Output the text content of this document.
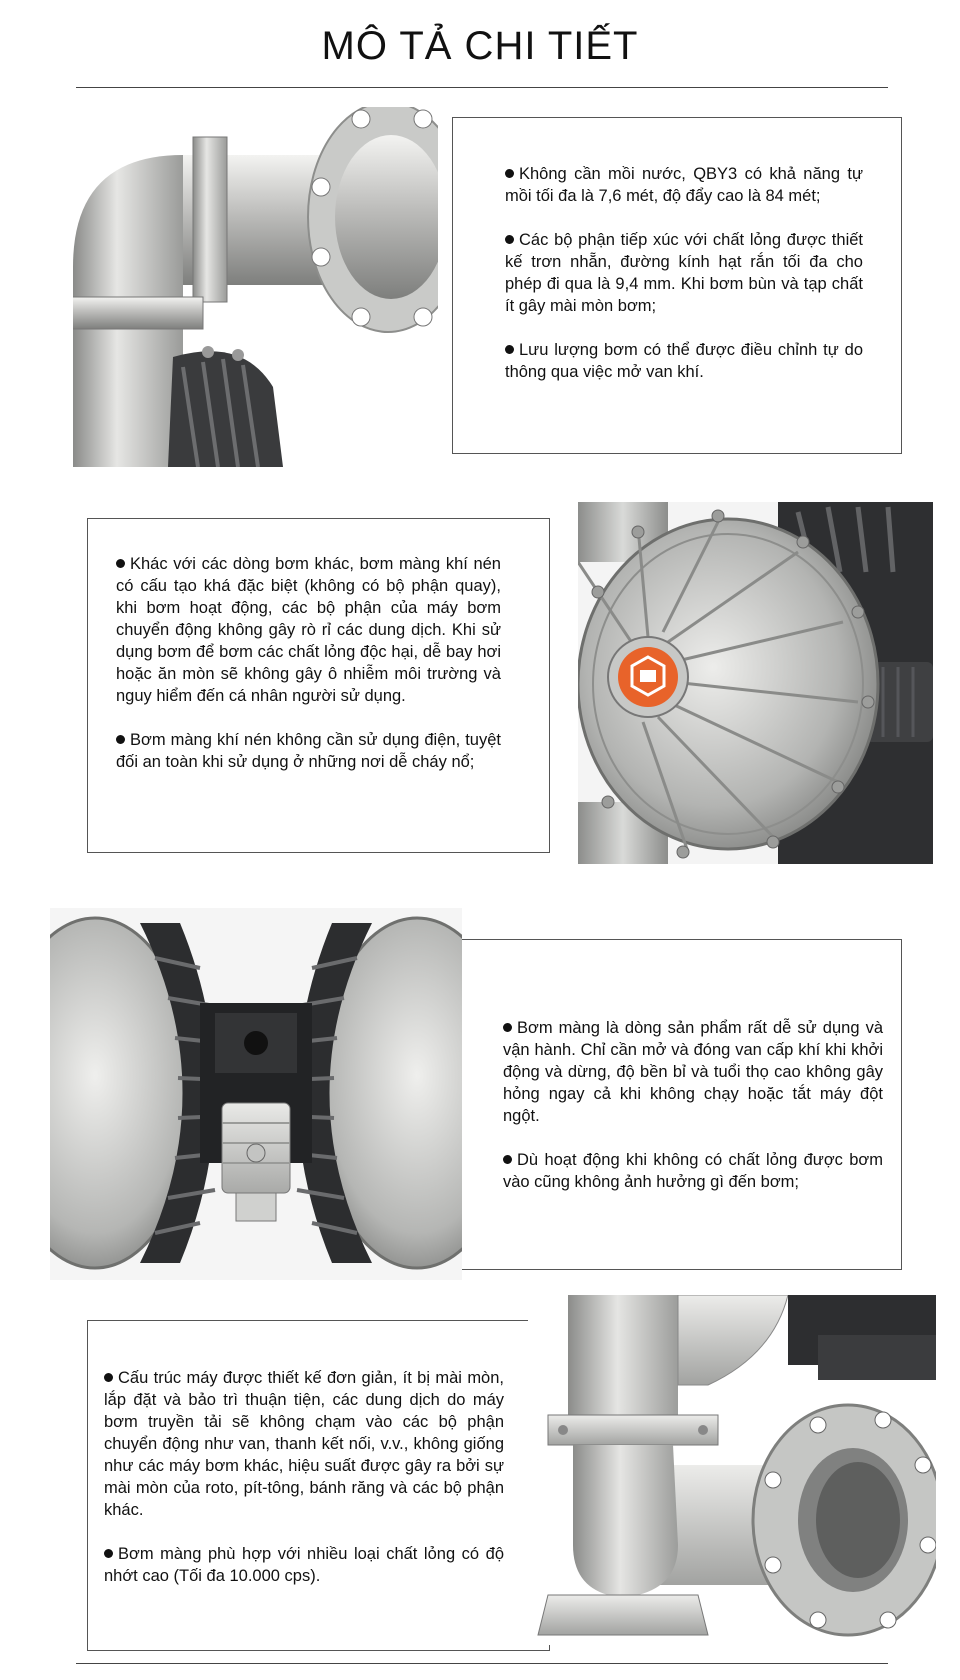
MÔ TẢ CHI TIẾT

Không cần mồi nước, QBY3 có khả năng tự mồi tối đa là 7,6 mét, độ đẩy cao là 84 mét;

Các bộ phận tiếp xúc với chất lỏng được thiết kế trơn nhẵn, đường kính hạt rắn tối đa cho phép đi qua là 9,4 mm. Khi bơm bùn và tạp chất ít gây mài mòn bơm;

Lưu lượng bơm có thể được điều chỉnh tự do thông qua việc mở van khí.

Khác với các dòng bơm khác, bơm màng khí nén có cấu tạo khá đặc biệt (không có bộ phận quay), khi bơm hoạt động, các bộ phận của máy bơm chuyển động không gây rò rỉ các dung dịch. Khi sử dụng bơm để bơm các chất lỏng độc hại, dễ bay hơi hoặc ăn mòn sẽ không gây ô nhiễm môi trường và nguy hiểm đến cá nhân người sử dụng.

Bơm màng khí nén không cần sử dụng điện, tuyệt đối an toàn khi sử dụng ở những nơi dễ cháy nổ;

Bơm màng là dòng sản phẩm rất dễ sử dụng và vận hành. Chỉ cần mở và đóng van cấp khí khi khởi động và dừng, độ bền bỉ và tuổi thọ cao không gây hỏng ngay cả khi không chạy hoặc tắt máy đột ngột.

Dù hoạt động khi không có chất lỏng được bơm vào cũng không ảnh hưởng gì đến bơm;

Cấu trúc máy được thiết kế đơn giản, ít bị mài mòn, lắp đặt và bảo trì thuận tiện, các dung dịch do máy bơm truyền tải sẽ không chạm vào các bộ phận chuyển động như van, thanh kết nối, v.v., không giống như các máy bơm khác, hiệu suất được gây ra bởi sự mài mòn của roto, pít-tông, bánh răng và các bộ phận khác.

Bơm màng phù hợp với nhiều loại chất lỏng có độ nhớt cao (Tối đa 10.000 cps).
